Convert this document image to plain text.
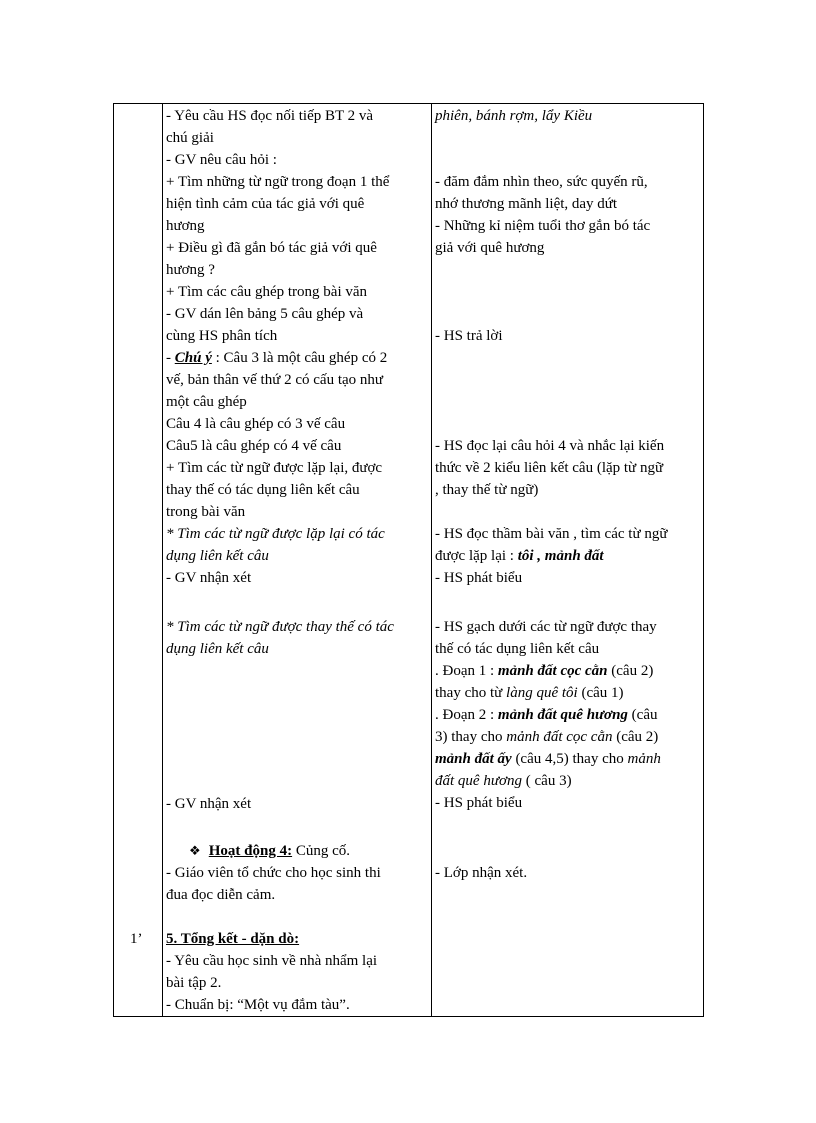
1’

- Yêu cầu HS đọc nối tiếp BT 2 và

chú giải

- GV nêu câu hỏi :

+ Tìm những từ ngữ trong đoạn 1 thể

hiện tình cảm của tác giả với quê

hương

+ Điều gì đã gắn bó tác giả với quê

hương ?

+ Tìm các câu ghép trong bài văn

- GV dán lên bảng 5 câu ghép và

cùng HS phân tích

- Chú ý : Câu 3 là một câu ghép có 2

vế, bản thân vế thứ 2 có cấu tạo như

một câu ghép

Câu 4 là câu ghép có 3 vế câu

Câu5 là câu ghép có 4 vế câu

+ Tìm các từ ngữ được lặp lại, được

thay thế có tác dụng liên kết câu

trong bài văn

* Tìm các từ ngữ được lặp lại có tác

dụng liên kết câu

- GV nhận xét

* Tìm các từ ngữ được thay thế có tác

dụng liên kết câu

- GV nhận xét

❖ Hoạt động 4: Củng cố.

- Giáo viên tổ chức cho học sinh thi

đua đọc diễn cảm.

5. Tổng kết - dặn dò:

- Yêu cầu học sinh về nhà nhẩm lại

bài tập 2.

- Chuẩn bị: “Một vụ đắm tàu”.

phiên, bánh rợm, lẩy Kiều

- đăm đắm nhìn theo, sức quyến rũ,

nhớ thương mãnh liệt, day dứt

- Những kỉ niệm tuổi thơ gắn bó tác

giả với quê hương

- HS trả lời

- HS đọc lại câu hỏi 4 và nhắc lại kiến

thức về 2 kiểu liên kết câu (lặp từ ngữ

, thay thế từ ngữ)

- HS đọc thầm bài văn , tìm các từ ngữ

được lặp lại : tôi , mảnh đất

- HS phát biểu

- HS gạch dưới các từ ngữ được thay

thế có tác dụng liên kết câu

. Đoạn 1 : mảnh đất cọc cằn (câu 2)

thay cho từ làng quê tôi (câu 1)

. Đoạn 2 : mảnh đất quê hương (câu

3) thay cho mảnh đất cọc cằn (câu 2)

mảnh đất ấy (câu 4,5) thay cho mảnh

đất quê hương ( câu 3)

- HS phát biểu

- Lớp nhận xét.
